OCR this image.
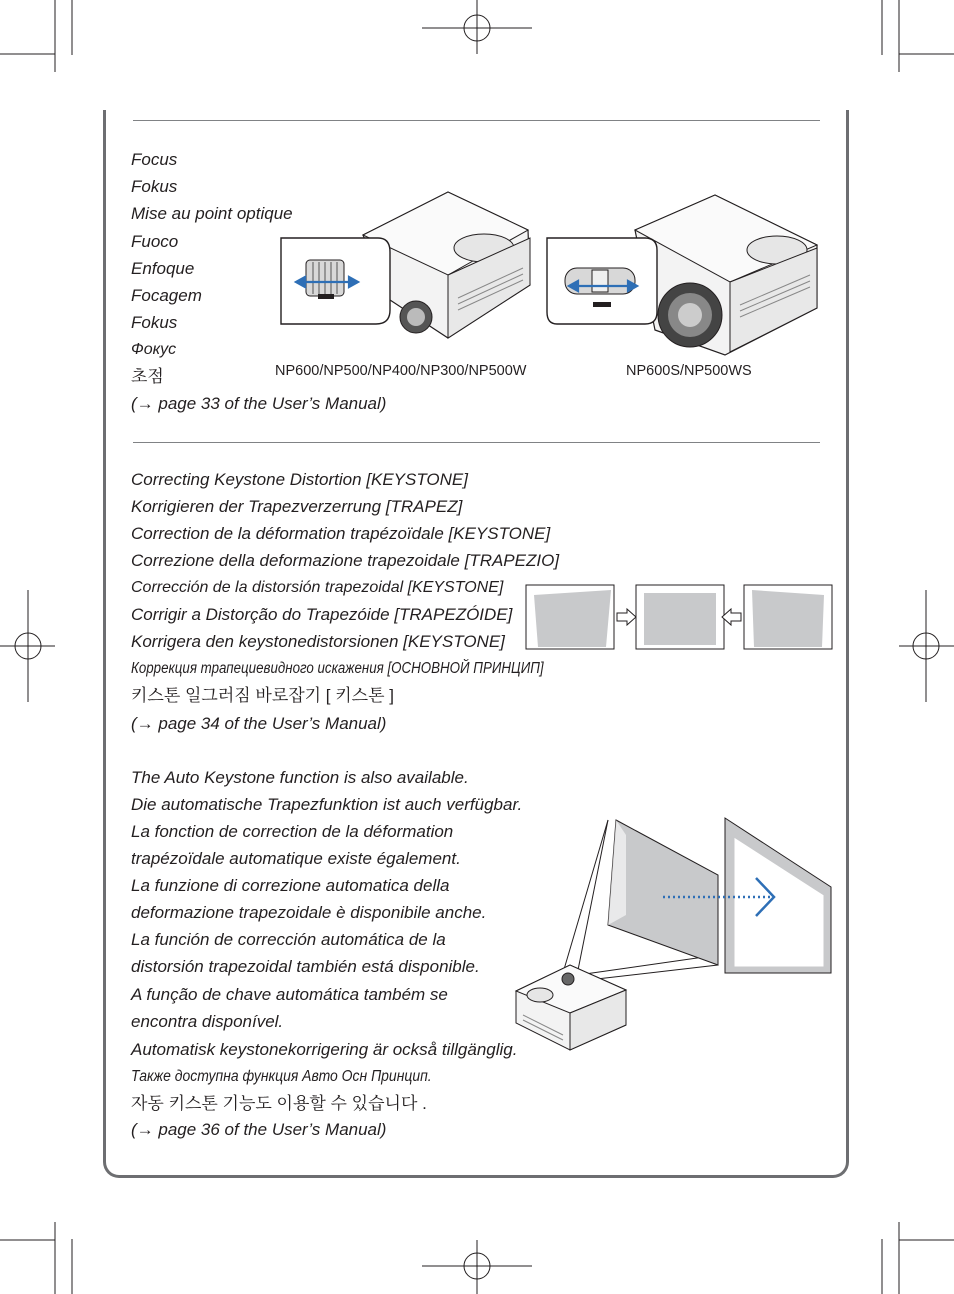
Focus
Fokus
Mise au point optique
Fuoco
Enfoque
Focagem
Fokus
Фокус
초점
(→ page 33 of the User’s Manual)
NP600/NP500/NP400/NP300/NP500W	NP600S/NP500WS
Correcting Keystone Distortion [KEYSTONE]
Korrigieren der Trapezverzerrung [TRAPEZ]
Correction de la déformation trapézoïdale [KEYSTONE]
Correzione della deformazione trapezoidale [TRAPEZIO]
Corrección de la distorsión trapezoidal [KEYSTONE]
Corrigir a Distorção do Trapezóide [TRAPEZÓIDE]
Korrigera den keystonedistorsionen [KEYSTONE]
Коррекция трапециевидного искажения [ОСНОВНОЙ ПРИНЦИП]
키스톤 일그러짐 바로잡기 [ 키스톤 ]
(→ page 34 of the User’s Manual)
The Auto Keystone function is also available.
Die automatische Trapezfunktion ist auch verfügbar.
La fonction de correction de la déformation
trapézoïdale automatique existe également.
La funzione di correzione automatica della
deformazione trapezoidale è disponibile anche.
La función de corrección automática de la
distorsión trapezoidal también está disponible.
A função de chave automática também se
encontra disponível.
Automatisk keystonekorrigering är också tillgänglig.
Также доступна функция Авто Осн Принцип.
자동 키스톤 기능도 이용할 수 있습니다 .
(→ page 36 of the User’s Manual)
